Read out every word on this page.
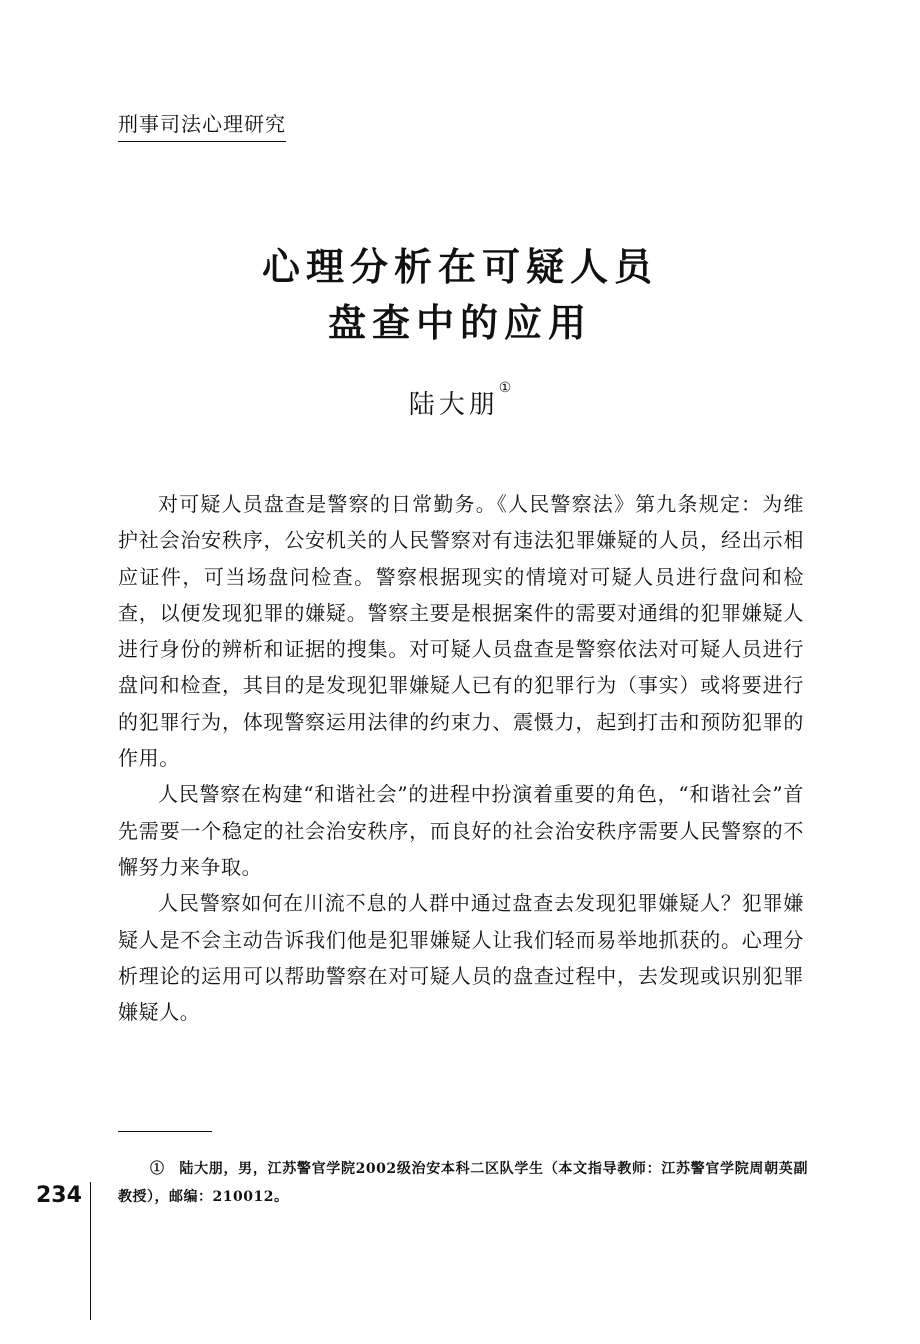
刑事司法心理研究
心理分析在可疑人员
盘查中的应用
陆大朋①

对可疑人员盘查是警察的日常勤务。《人民警察法》第九条规定：为维护社会治安秩序，公安机关的人民警察对有违法犯罪嫌疑的人员，经出示相应证件，可当场盘问检查。警察根据现实的情境对可疑人员进行盘问和检查，以便发现犯罪的嫌疑。警察主要是根据案件的需要对通缉的犯罪嫌疑人进行身份的辨析和证据的搜集。对可疑人员盘查是警察依法对可疑人员进行盘问和检查，其目的是发现犯罪嫌疑人已有的犯罪行为（事实）或将要进行的犯罪行为，体现警察运用法律的约束力、震慑力，起到打击和预防犯罪的作用。

人民警察在构建“和谐社会”的进程中扮演着重要的角色，“和谐社会”首先需要一个稳定的社会治安秩序，而良好的社会治安秩序需要人民警察的不懈努力来争取。

人民警察如何在川流不息的人群中通过盘查去发现犯罪嫌疑人？犯罪嫌疑人是不会主动告诉我们他是犯罪嫌疑人让我们轻而易举地抓获的。心理分析理论的运用可以帮助警察在对可疑人员的盘查过程中，去发现或识别犯罪嫌疑人。

①　陆大朋，男，江苏警官学院2002级治安本科二区队学生（本文指导教师：江苏警官学院周朝英副教授），邮编：210012。
234
